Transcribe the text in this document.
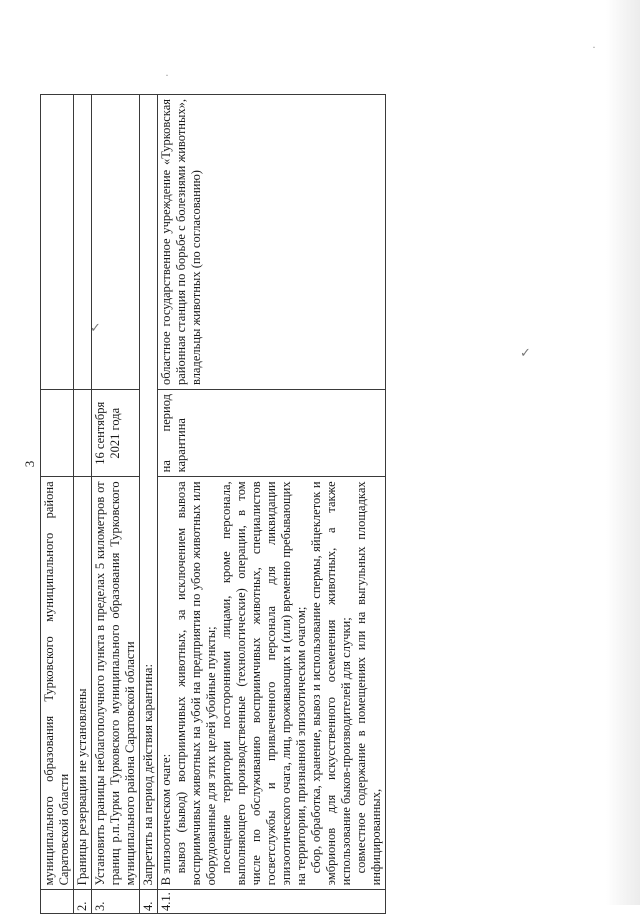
·
·
3
	муниципального образования Турковского муниципального района Саратовской области		
2.	Границы резервации не установлены		
3.	Установить границы неблагополучного пункта в пределах 5 километров от границ р.п.Турки Турковского муниципального образования Турковского муниципального района Саратовской области	16 сентября 2021 года	
4.	Запретить на период действия карантина:		
4.1.	В эпизоотическом очаге: вывоз (вывод) восприимчивых животных, за исключением вывоза восприимчивых животных на убой на предприятия по убою животных или оборудованные для этих целей убойные пункты; посещение территории посторонними лицами, кроме персонала, выполняющего производственные (технологические) операции, в том числе по обслуживанию восприимчивых животных, специалистов госветслужбы и привлеченного персонала для ликвидации эпизоотического очага, лиц, проживающих и (или) временно пребывающих на территории, признанной эпизоотическим очагом; сбор, обработка, хранение, вывоз и использование спермы, яйцеклеток и эмбрионов для искусственного осеменения животных, а также использование быков-производителей для случки; совместное содержание в помещениях или на выгульных площадках инфицированных,	на период карантина	областное государственное учреждение «Турковская районная станция по борьбе с болезнями животных», владельцы животных (по согласованию)
✓
✓
